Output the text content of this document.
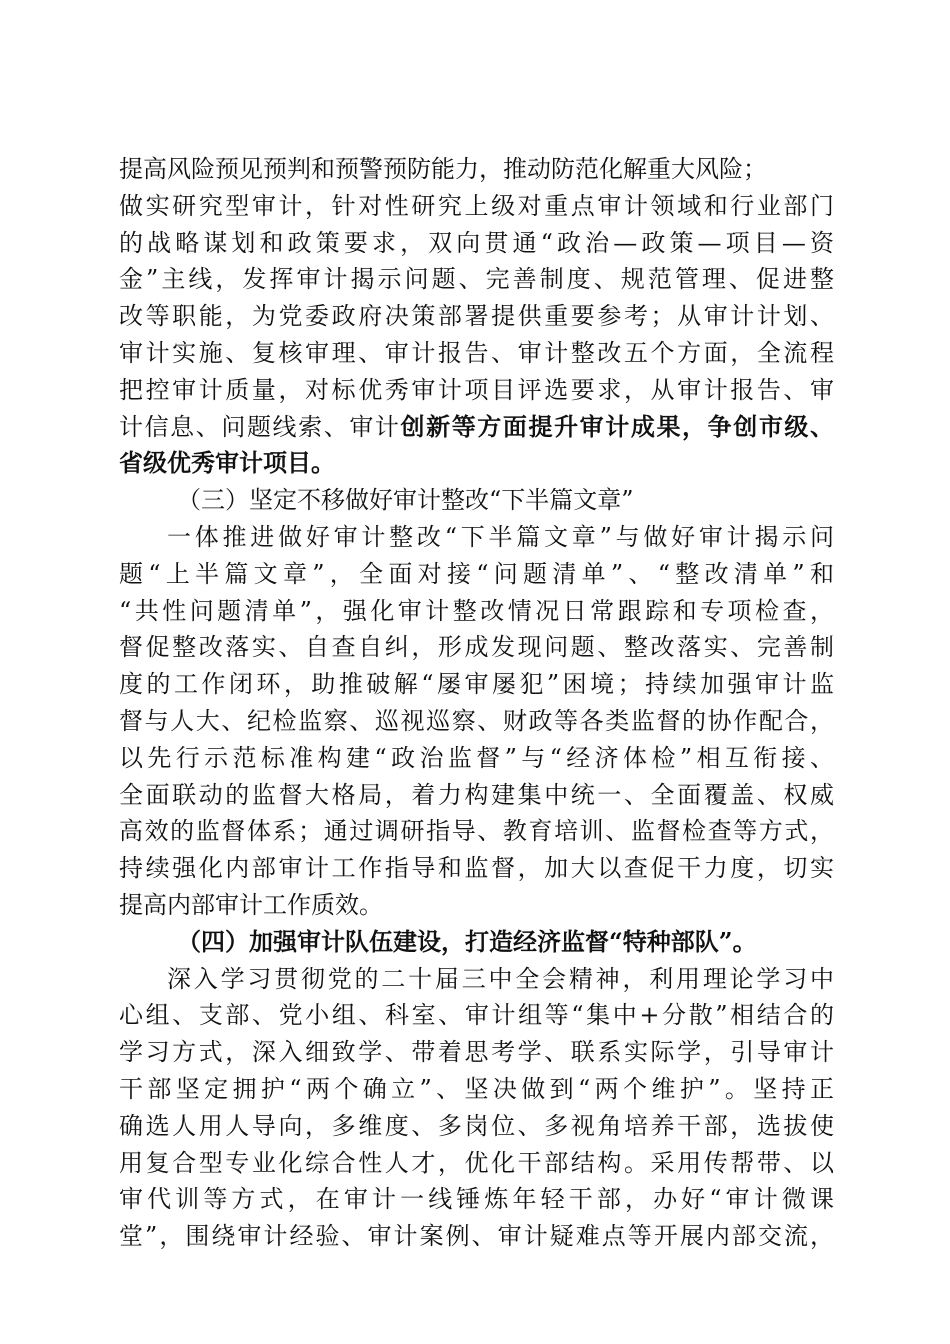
提高风险预见预判和预警预防能力，推动防范化解重大风险；
做实研究型审计，针对性研究上级对重点审计领域和行业部门
的战略谋划和政策要求，双向贯通“政治—政策—项目—资
金”主线，发挥审计揭示问题、完善制度、规范管理、促进整
改等职能，为党委政府决策部署提供重要参考；从审计计划、
审计实施、复核审理、审计报告、审计整改五个方面，全流程
把控审计质量，对标优秀审计项目评选要求，从审计报告、审
计信息、问题线索、审计创新等方面提升审计成果，争创市级、
省级优秀审计项目。
（三）坚定不移做好审计整改“下半篇文章”
一体推进做好审计整改“下半篇文章”与做好审计揭示问
题“上半篇文章”，全面对接“问题清单”、“整改清单”和
“共性问题清单”，强化审计整改情况日常跟踪和专项检查，
督促整改落实、自查自纠，形成发现问题、整改落实、完善制
度的工作闭环，助推破解“屡审屡犯”困境；持续加强审计监
督与人大、纪检监察、巡视巡察、财政等各类监督的协作配合，
以先行示范标准构建“政治监督”与“经济体检”相互衔接、
全面联动的监督大格局，着力构建集中统一、全面覆盖、权威
高效的监督体系；通过调研指导、教育培训、监督检查等方式，
持续强化内部审计工作指导和监督，加大以查促干力度，切实
提高内部审计工作质效。
（四）加强审计队伍建设，打造经济监督“特种部队”。
深入学习贯彻党的二十届三中全会精神，利用理论学习中
心组、支部、党小组、科室、审计组等“集中+分散”相结合的
学习方式，深入细致学、带着思考学、联系实际学，引导审计
干部坚定拥护“两个确立”、坚决做到“两个维护”。坚持正
确选人用人导向，多维度、多岗位、多视角培养干部，选拔使
用复合型专业化综合性人才，优化干部结构。采用传帮带、以
审代训等方式，在审计一线锤炼年轻干部，办好“审计微课
堂”，围绕审计经验、审计案例、审计疑难点等开展内部交流，
